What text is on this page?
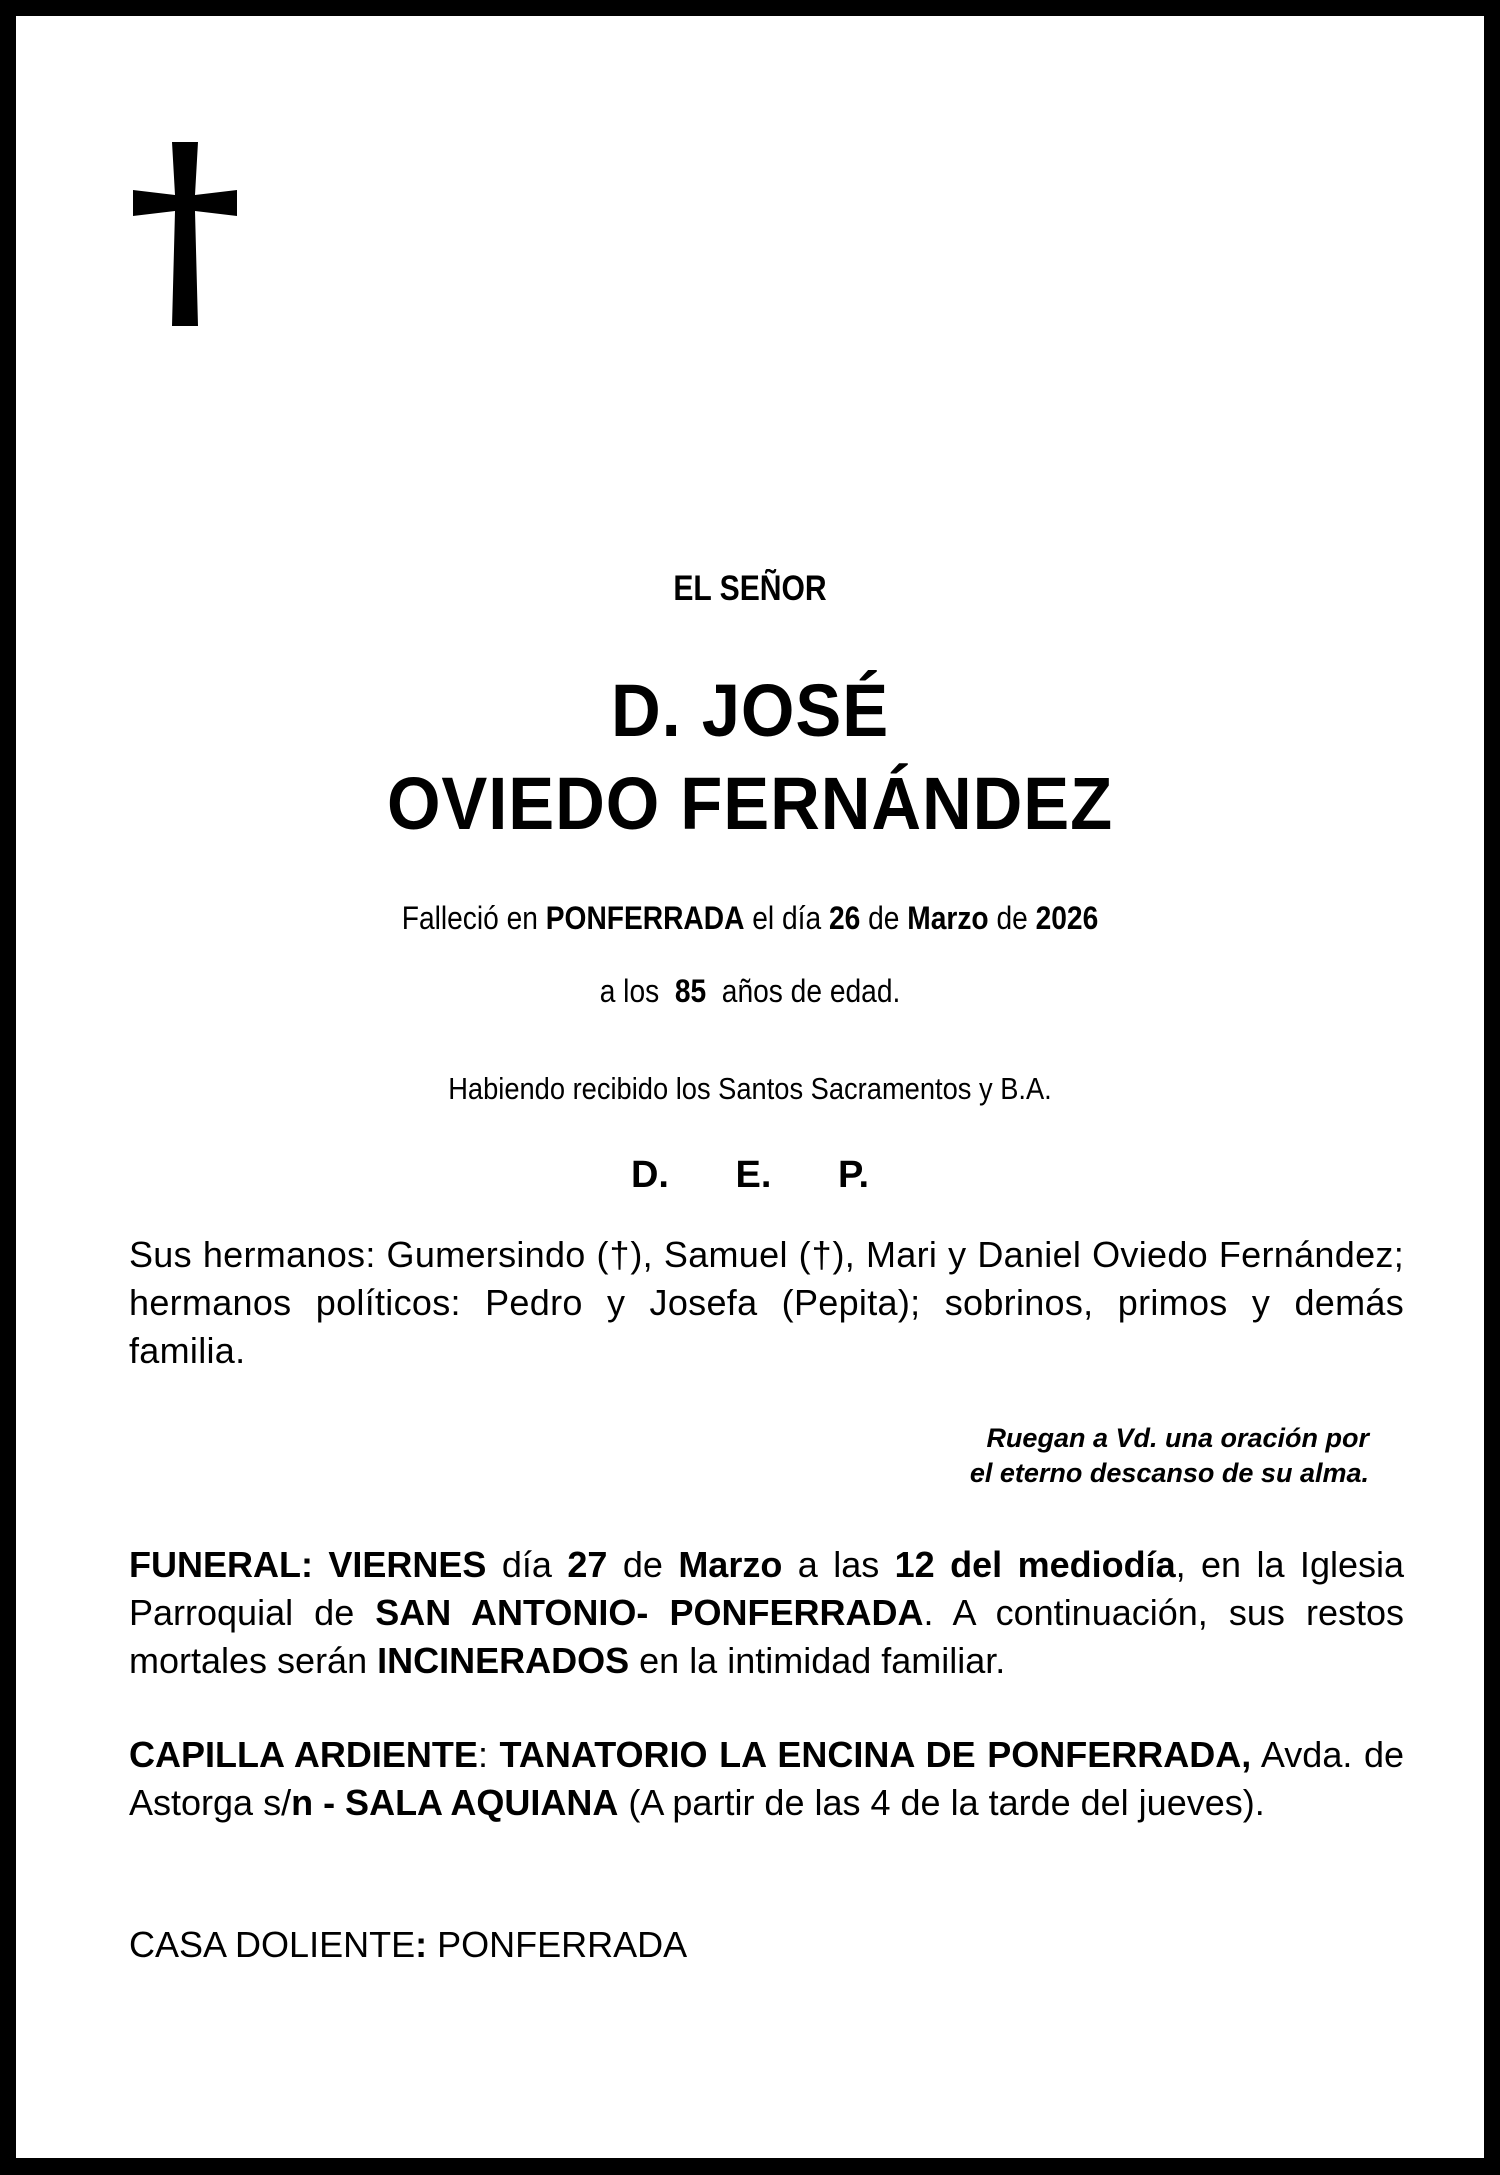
EL SEÑOR
D. JOSÉ
OVIEDO FERNÁNDEZ
Falleció en PONFERRADA el día 26 de Marzo de 2026
a los 85 años de edad.
Habiendo recibido los Santos Sacramentos y B.A.
D. E. P.
Sus hermanos: Gumersindo (†), Samuel (†), Mari y Daniel Oviedo Fernández; hermanos políticos: Pedro y Josefa (Pepita); sobrinos, primos y demás familia.
Ruegan a Vd. una oración por
el eterno descanso de su alma.
FUNERAL: VIERNES día 27 de Marzo a las 12 del mediodía, en la Iglesia Parroquial de SAN ANTONIO- PONFERRADA. A continuación, sus restos mortales serán INCINERADOS en la intimidad familiar.
CAPILLA ARDIENTE: TANATORIO LA ENCINA DE PONFERRADA, Avda. de Astorga s/n - SALA AQUIANA (A partir de las 4 de la tarde del jueves).
CASA DOLIENTE: PONFERRADA
